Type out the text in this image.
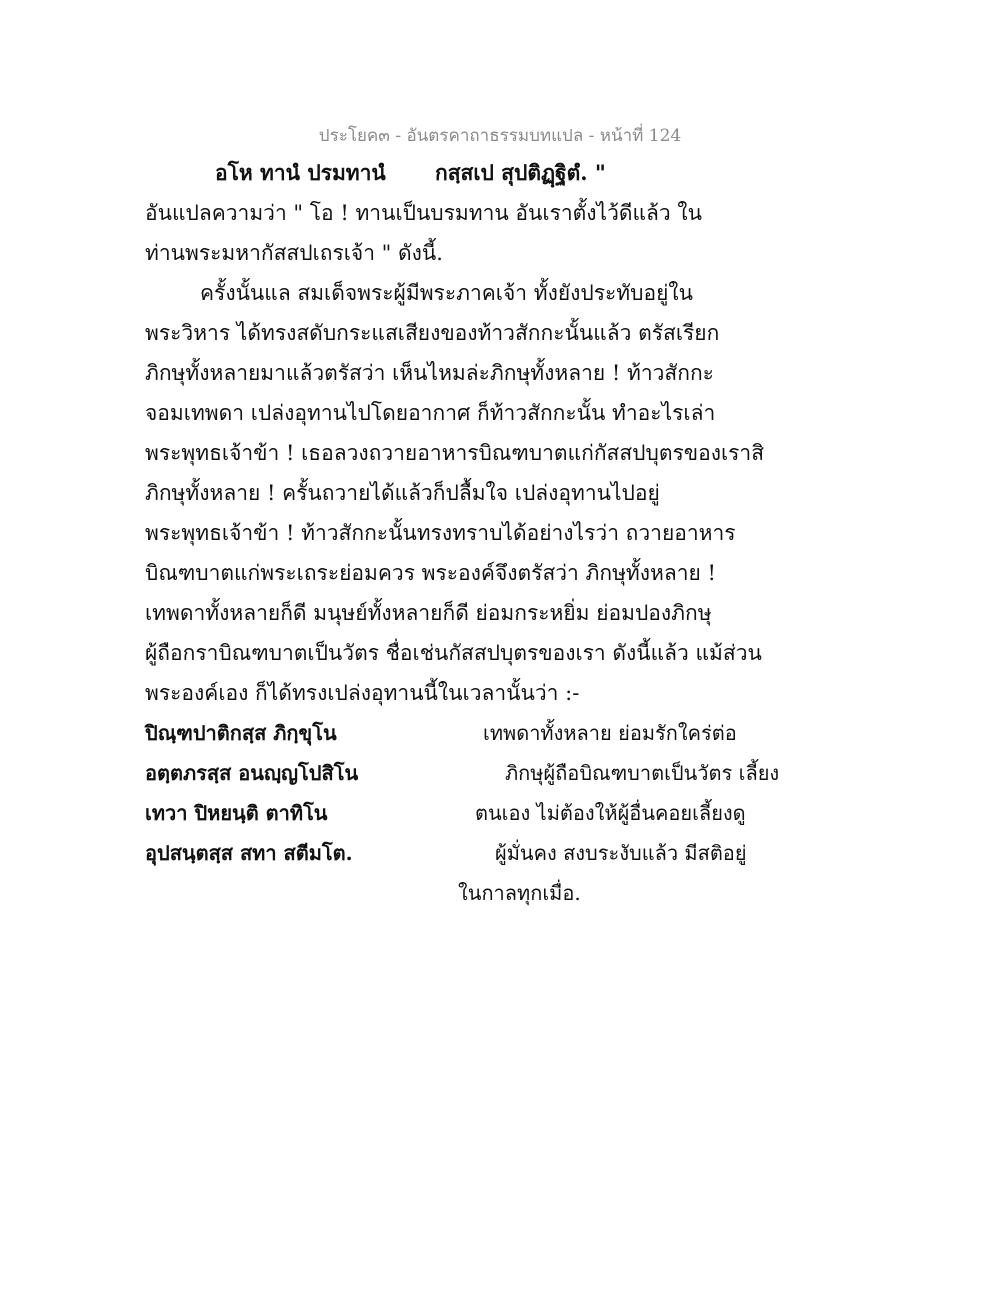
ประโยค๓ - อันตรคาถาธรรมบทแปล - หน้าที่ 124
อโห ทานํ ปรมทานํ กสฺสเป สุปติฏฺฐิตํ. "
อันแปลความว่า " โอ ! ทานเป็นบรมทาน อันเราตั้งไว้ดีแล้ว ใน
ท่านพระมหากัสสปเถรเจ้า " ดังนี้.
ครั้งนั้นแล สมเด็จพระผู้มีพระภาคเจ้า ทั้งยังประทับอยู่ใน
พระวิหาร ได้ทรงสดับกระแสเสียงของท้าวสักกะนั้นแล้ว ตรัสเรียก
ภิกษุทั้งหลายมาแล้วตรัสว่า เห็นไหมล่ะภิกษุทั้งหลาย ! ท้าวสักกะ
จอมเทพดา เปล่งอุทานไปโดยอากาศ ก็ท้าวสักกะนั้น ทำอะไรเล่า
พระพุทธเจ้าข้า ! เธอลวงถวายอาหารบิณฑบาตแก่กัสสปบุตรของเราสิ
ภิกษุทั้งหลาย ! ครั้นถวายได้แล้วก็ปลื้มใจ เปล่งอุทานไปอยู่
พระพุทธเจ้าข้า ! ท้าวสักกะนั้นทรงทราบได้อย่างไรว่า ถวายอาหาร
บิณฑบาตแก่พระเถระย่อมควร พระองค์จึงตรัสว่า ภิกษุทั้งหลาย !
เทพดาทั้งหลายก็ดี มนุษย์ทั้งหลายก็ดี ย่อมกระหยิ่ม ย่อมปองภิกษุ
ผู้ถือกราบิณฑบาตเป็นวัตร ชื่อเช่นกัสสปบุตรของเรา ดังนี้แล้ว แม้ส่วน
พระองค์เอง ก็ได้ทรงเปล่งอุทานนี้ในเวลานั้นว่า :-
ปิณฺฑปาติกสฺส ภิกฺขุโน	เทพดาทั้งหลาย ย่อมรักใคร่ต่อ
อตฺตภรสฺส อนญฺญโปสิโน	ภิกษุผู้ถือบิณฑบาตเป็นวัตร เลี้ยง
เทวา ปิหยนฺติ ตาทิโน	ตนเอง ไม่ต้องให้ผู้อื่นคอยเลี้ยงดู
อุปสนฺตสฺส สทา สตีมโต.	ผู้มั่นคง สงบระงับแล้ว มีสติอยู่
ในกาลทุกเมื่อ.
